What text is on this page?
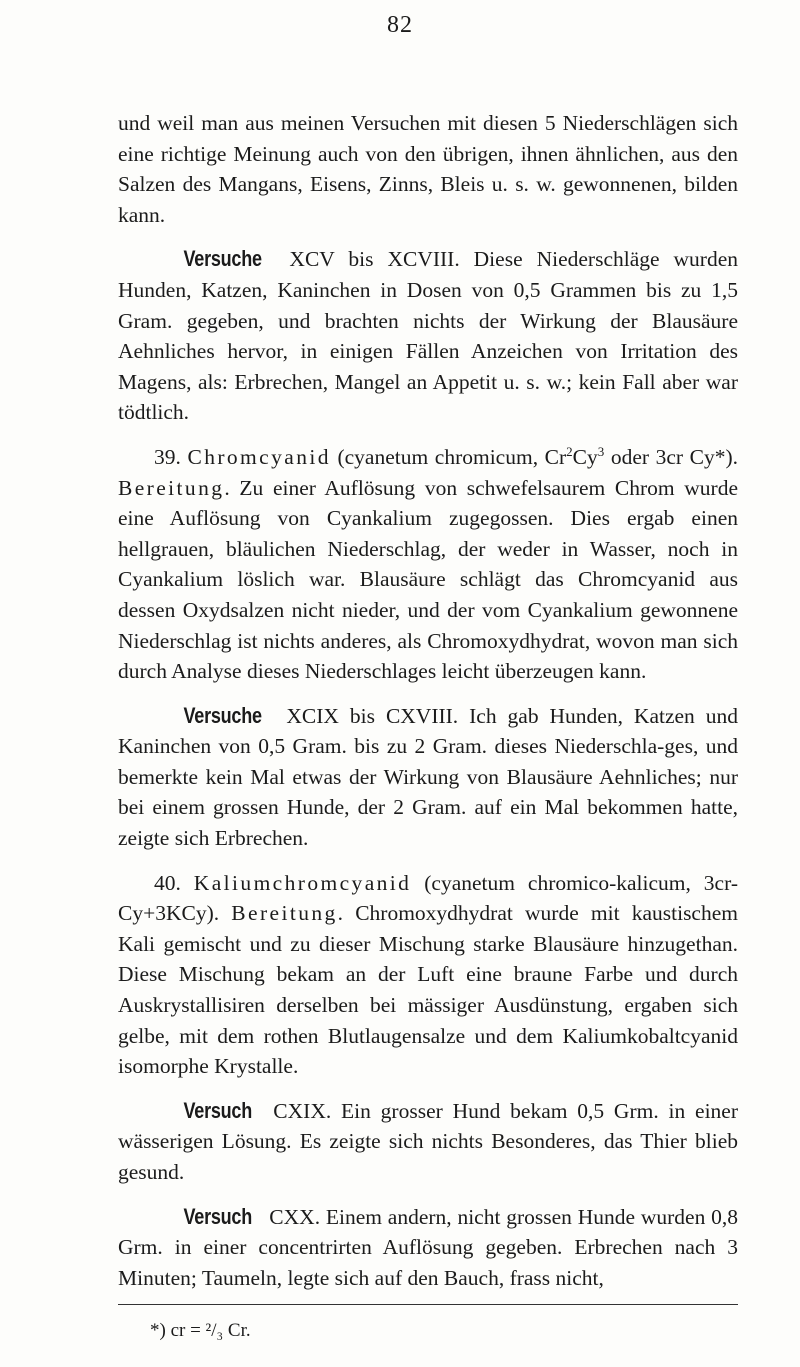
82

und weil man aus meinen Versuchen mit diesen 5 Niederschlägen sich eine richtige Meinung auch von den übrigen, ihnen ähnlichen, aus den Salzen des Mangans, Eisens, Zinns, Bleis u. s. w. gewonnenen, bilden kann.

Versuche XCV bis XCVIII. Diese Niederschläge wurden Hunden, Katzen, Kaninchen in Dosen von 0,5 Grammen bis zu 1,5 Gram. gegeben, und brachten nichts der Wirkung der Blausäure Aehnliches hervor, in einigen Fällen Anzeichen von Irritation des Magens, als: Erbrechen, Mangel an Appetit u. s. w.; kein Fall aber war tödtlich.

39. Chromcyanid (cyanetum chromicum, Cr$^2$Cy$^3$ oder 3cr Cy*). Bereitung. Zu einer Auflösung von schwefelsaurem Chrom wurde eine Auflösung von Cyankalium zugegossen. Dies ergab einen hellgrauen, bläulichen Niederschlag, der weder in Wasser, noch in Cyankalium löslich war. Blausäure schlägt das Chromcyanid aus dessen Oxydsalzen nicht nieder, und der vom Cyankalium gewonnene Niederschlag ist nichts anderes, als Chromoxydhydrat, wovon man sich durch Analyse dieses Niederschlages leicht überzeugen kann.

Versuche XCIX bis CXVIII. Ich gab Hunden, Katzen und Kaninchen von 0,5 Gram. bis zu 2 Gram. dieses Niederschla-ges, und bemerkte kein Mal etwas der Wirkung von Blausäure Aehnliches; nur bei einem grossen Hunde, der 2 Gram. auf ein Mal bekommen hatte, zeigte sich Erbrechen.

40. Kaliumchromcyanid (cyanetum chromico-kalicum, 3cr-Cy+3KCy). Bereitung. Chromoxydhydrat wurde mit kaustischem Kali gemischt und zu dieser Mischung starke Blausäure hinzugethan. Diese Mischung bekam an der Luft eine braune Farbe und durch Auskrystallisiren derselben bei mässiger Ausdünstung, ergaben sich gelbe, mit dem rothen Blutlaugensalze und dem Kaliumkobaltcyanid isomorphe Krystalle.

Versuch CXIX. Ein grosser Hund bekam 0,5 Grm. in einer wässerigen Lösung. Es zeigte sich nichts Besonderes, das Thier blieb gesund.

Versuch CXX. Einem andern, nicht grossen Hunde wurden 0,8 Grm. in einer concentrirten Auflösung gegeben. Erbrechen nach 3 Minuten; Taumeln, legte sich auf den Bauch, frass nicht,

*) cr = ²/₃ Cr.
